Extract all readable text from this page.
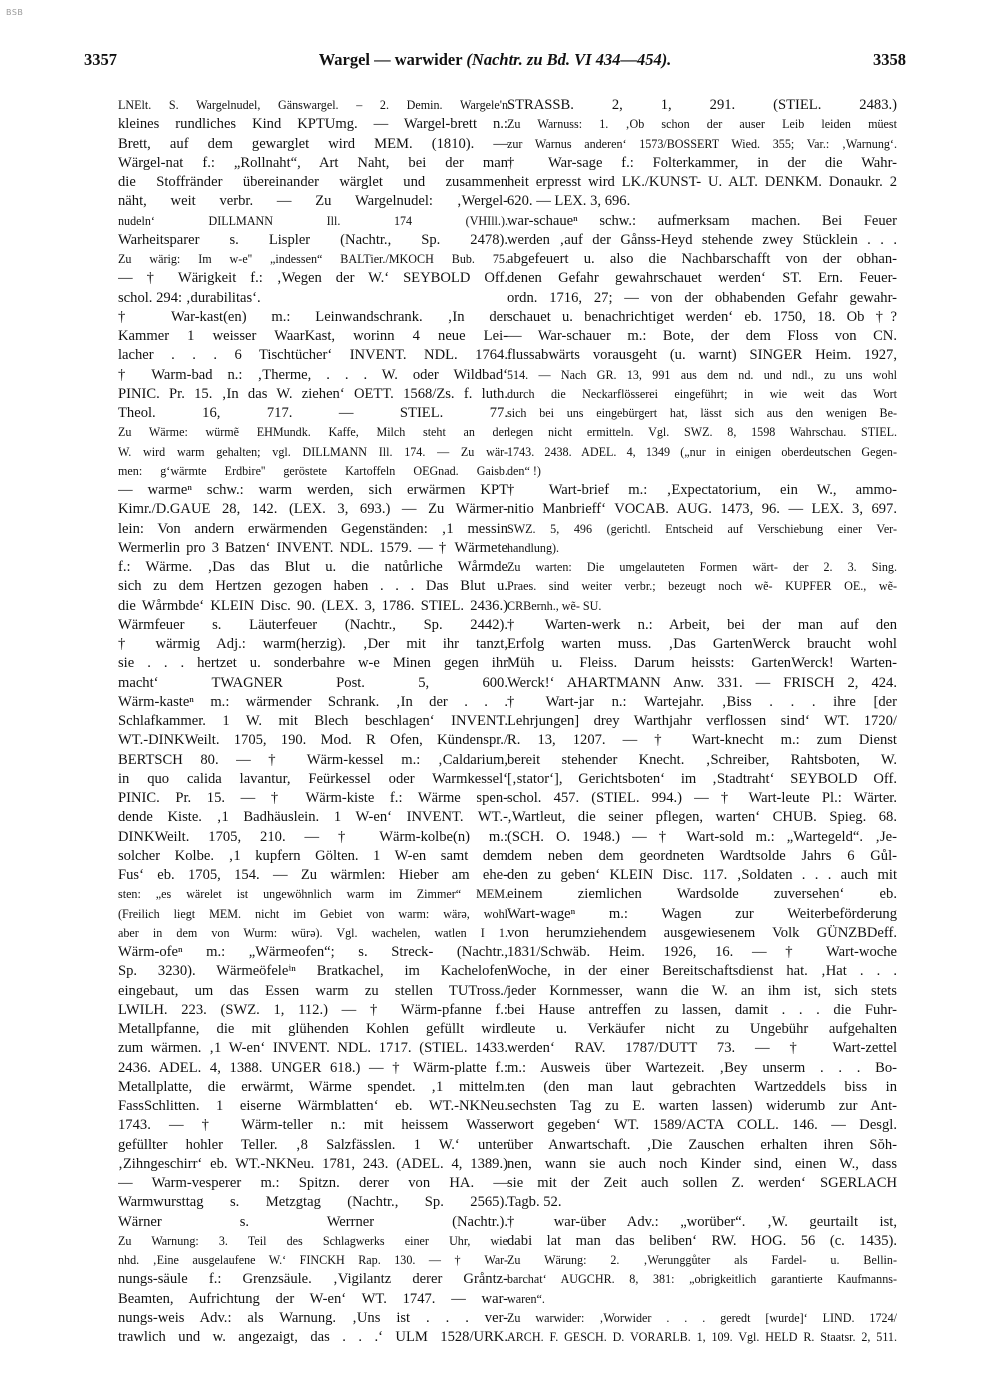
BSB
3357	Wargel — warwider (Nachtr. zu Bd. VI 434—454).	3358
LNElt. S. Wargelnudel, Gänswargel. – 2. Demin. Wargele'n
kleines rundliches Kind KPTUmg. — Wargel-brett n.:
Brett, auf dem gewarglet wird MEM. (1810). —
Wärgel-nat f.: „Rollnaht“, Art Naht, bei der man
die Stoffränder übereinander wärglet und zusammen
näht, weit verbr. — Zu Wargelnudel: ‚Wergel-
nudeln‘ DILLMANN Ill. 174 (VHIll.).
Warheitsparer s. Lispler (Nachtr., Sp. 2478).
Zu wärig: Im w-e'' „indessen“ BALTier./MKOCH Bub. 75.
— † Wärigkeit f.: ‚Wegen der W.‘ SEYBOLD Off.
schol. 294: ‚durabilitas‘.
† War-kast(en) m.: Leinwandschrank. ‚In der
Kammer 1 weisser WaarKast, worinn 4 neue Lei-
lacher . . . 6 Tischtücher‘ INVENT. NDL. 1764.
† Warm-bad n.: ‚Therme, . . . W. oder Wildbad‘
PINIC. Pr. 15. ‚In das W. ziehen‘ OETT. 1568/Zs. f. luth.
Theol. 16, 717. — STIEL. 77.
Zu Wärme: würmẽ EHMundk. Kaffe, Milch steht an der
W. wird warm gehalten; vgl. DILLMANN Ill. 174. — Zu wär-
men: gʻwärmte Erdbire'' geröstete Kartoffeln OEGnad. Gaisb.
— warmeⁿ schw.: warm werden, sich erwärmen KPT
Kimr./D.GAUE 28, 142. (LEX. 3, 693.) — Zu Wärmer-
lein: Von andern erwärmenden Gegenständen: ‚1 messin
Wermerlin pro 3 Batzen‘ INVENT. NDL. 1579. — † Wärmete
f.: Wärme. ‚Das das Blut u. die natůrliche Wårmde
sich zu dem Hertzen gezogen haben . . . Das Blut u.
die Wårmbde‘ KLEIN Disc. 90. (LEX. 3, 1786. STIEL. 2436.)
Wärmfeuer s. Läuterfeuer (Nachtr., Sp. 2442).
† wärmig Adj.: warm(herzig). ‚Der mit ihr tanzt,
sie . . . hertzet u. sonderbahre w-e Minen gegen ihr
macht‘ TWAGNER Post. 5, 600.
Wärm-kasteⁿ m.: wärmender Schrank. ‚In der . . .
Schlafkammer. 1 W. mit Blech beschlagen‘ INVENT.
WT.-DINKWeilt. 1705, 190. Mod. R Ofen, Kündenspr./
BERTSCH 80. — † Wärm-kessel m.: ‚Caldarium,
in quo calida lavantur, Feürkessel oder Warmkessel‘
PINIC. Pr. 15. — † Wärm-kiste f.: Wärme spen-
dende Kiste. ‚1 Badhäuslein. 1 W-en‘ INVENT. WT.-
DINKWeilt. 1705, 210. — † Wärm-kolbe(n) m.:
solcher Kolbe. ‚1 kupfern Gölten. 1 W-en samt dem
Fus‘ eb. 1705, 154. — Zu wärmlen: Hieber am ehe-
sten: „es wärelet ist ungewöhnlich warm im Zimmer“ MEM.
(Freilich liegt MEM. nicht im Gebiet von warm: wärə, wohl
aber in dem von Wurm: würə). Vgl. wachelen, watlen I 1.
Wärm-ofeⁿ m.: „Wärmeofen“; s. Streck- (Nachtr.,
Sp. 3230). Wärmeöfeleⁱⁿ Bratkachel, im Kachelofen
eingebaut, um das Essen warm zu stellen TUTross./
LWILH. 223. (SWZ. 1, 112.) — † Wärm-pfanne f.:
Metallpfanne, die mit glühenden Kohlen gefüllt wird
zum wärmen. ‚1 W-en‘ INVENT. NDL. 1717. (STIEL. 1433.
2436. ADEL. 4, 1388. UNGER 618.) — † Wärm-platte f.:
Metallplatte, die erwärmt, Wärme spendet. ‚1 mittelm.
FassSchlitten. 1 eiserne Wärmblatten‘ eb. WT.-NKNeu.
1743. — † Wärm-teller n.: mit heissem Wasser
gefüllter hohler Teller. ‚8 Salzfässlen. 1 W.‘ unter
‚Zihngeschirr‘ eb. WT.-NKNeu. 1781, 243. (ADEL. 4, 1389.)
— Warm-vesperer m.: Spitzn. derer von HA. —
Warmwursttag s. Metzgtag (Nachtr., Sp. 2565).
Wärner s. Werrner (Nachtr.).
Zu Warnung: 3. Teil des Schlagwerks einer Uhr, wie
nhd. ‚Eine ausgelaufene W.‘ FINCKH Rap. 130. — † War-
nungs-säule f.: Grenzsäule. ‚Vigilantz derer Gråntz-
Beamten, Aufrichtung der W-en‘ WT. 1747. — war-
nungs-weis Adv.: als Warnung. ‚Uns ist . . . ver-
trawlich und w. angezaigt, das . . .‘ ULM 1528/URK.
STRASSB. 2, 1, 291. (STIEL. 2483.)
Zu Warnuss: 1. ‚Ob schon der auser Leib leiden müest
zur Warnus anderen‘ 1573/BOSSERT Wied. 355; Var.: ‚Warnung‘.
† War-sage f.: Folterkammer, in der die Wahr-
heit erpresst wird LK./KUNST- U. ALT. DENKM. Donaukr. 2
620. — LEX. 3, 696.
war-schaueⁿ schw.: aufmerksam machen. Bei Feuer
werden ‚auf der Gånss-Heyd stehende zwey Stücklein . . .
abgefeuert u. also die Nachbarschafft von der obhan-
denen Gefahr gewahrschauet werden‘ ST. Ern. Feuer-
ordn. 1716, 27; — von der obhabenden Gefahr gewahr-
schauet u. benachrichtiget werden‘ eb. 1750, 18. Ob †?
— War-schauer m.: Bote, der dem Floss von CN.
flussabwärts vorausgeht (u. warnt) SINGER Heim. 1927,
514. — Nach GR. 13, 991 aus dem nd. und ndl., zu uns wohl
durch die Neckarflösserei eingeführt; in wie weit das Wort
sich bei uns eingebürgert hat, lässt sich aus den wenigen Be-
legen nicht ermitteln. Vgl. SWZ. 8, 1598 Wahrschau. STIEL.
1743. 2438. ADEL. 4, 1349 („nur in einigen oberdeutschen Gegen-
den“ !)
† Wart-brief m.: ‚Expectatorium, ein W., ammo-
nitio Manbrieff‘ VOCAB. AUG. 1473, 96. — LEX. 3, 697.
SWZ. 5, 496 (gerichtl. Entscheid auf Verschiebung einer Ver-
handlung).
Zu warten: Die umgelauteten Formen wärt- der 2. 3. Sing.
Praes. sind weiter verbr.; bezeugt noch wẽ- KUPFER OE., wẽ-
CRBernh., wẽ- SU.
† Warten-werk n.: Arbeit, bei der man auf den
Erfolg warten muss. ‚Das GartenWerck braucht wohl
Müh u. Fleiss. Darum heissts: GartenWerck! Warten-
Werck!‘ AHARTMANN Anw. 331. — FRISCH 2, 424.
† Wart-jar n.: Wartejahr. ‚Biss . . . ihre [der
Lehrjungen] drey Warthjahr verflossen sind‘ WT. 1720/
R. 13, 1207. — † Wart-knecht m.: zum Dienst
bereit stehender Knecht. ‚Schreiber, Rahtsboten, W.
[‚stator‘], Gerichtsboten‘ im ‚Stadtraht‘ SEYBOLD Off.
schol. 457. (STIEL. 994.) — † Wart-leute Pl.: Wärter.
‚Wartleut, die seiner pflegen, warten‘ CHUB. Spieg. 68.
(SCH. O. 1948.) — † Wart-sold m.: „Wartegeld“. ‚Je-
dem neben dem geordneten Wardtsolde Jahrs 6 Gůl-
den zu geben‘ KLEIN Disc. 117. ‚Soldaten . . . auch mit
einem ziemlichen Wardsolde zuversehen‘ eb.
Wart-wageⁿ m.: Wagen zur Weiterbeförderung
von herumziehendem ausgewiesenem Volk GÜNZBDeff.
1831/Schwäb. Heim. 1926, 16. — † Wart-woche
Woche, in der einer Bereitschaftsdienst hat. ‚Hat . . .
jeder Kornmesser, wann die W. an ihm ist, sich stets
bei Hause antreffen zu lassen, damit . . . die Fuhr-
leute u. Verkäufer nicht zu Ungebühr aufgehalten
werden‘ RAV. 1787/DUTT 73. — † Wart-zettel
m.: Ausweis über Wartezeit. ‚Bey unserm . . . Bo-
ten (den man laut gebrachten Wartzeddels biss in
sechsten Tag zu E. warten lassen) widerumb zur Ant-
wort gegeben‘ WT. 1589/ACTA COLL. 146. — Desgl.
über Anwartschaft. ‚Die Zauschen erhalten ihren Sŏh-
nen, wann sie auch noch Kinder sind, einen W., dass
sie mit der Zeit auch sollen Z. werden‘ SGERLACH
Tagb. 52.
† war-über Adv.: „worüber“. ‚W. geurtailt ist,
dabi lat man das beliben‘ RW. HOG. 56 (c. 1435).
Zu Wärung: 2. ‚Werunggůter als Fardel- u. Bellin-
barchat‘ AUGCHR. 8, 381: „obrigkeitlich garantierte Kaufmanns-
waren“.
Zu warwider: ‚Worwider . . . geredt [wurde]‘ LIND. 1724/
ARCH. F. GESCH. D. VORARLB. 1, 109. Vgl. HELD R. Staatsr. 2, 511.
